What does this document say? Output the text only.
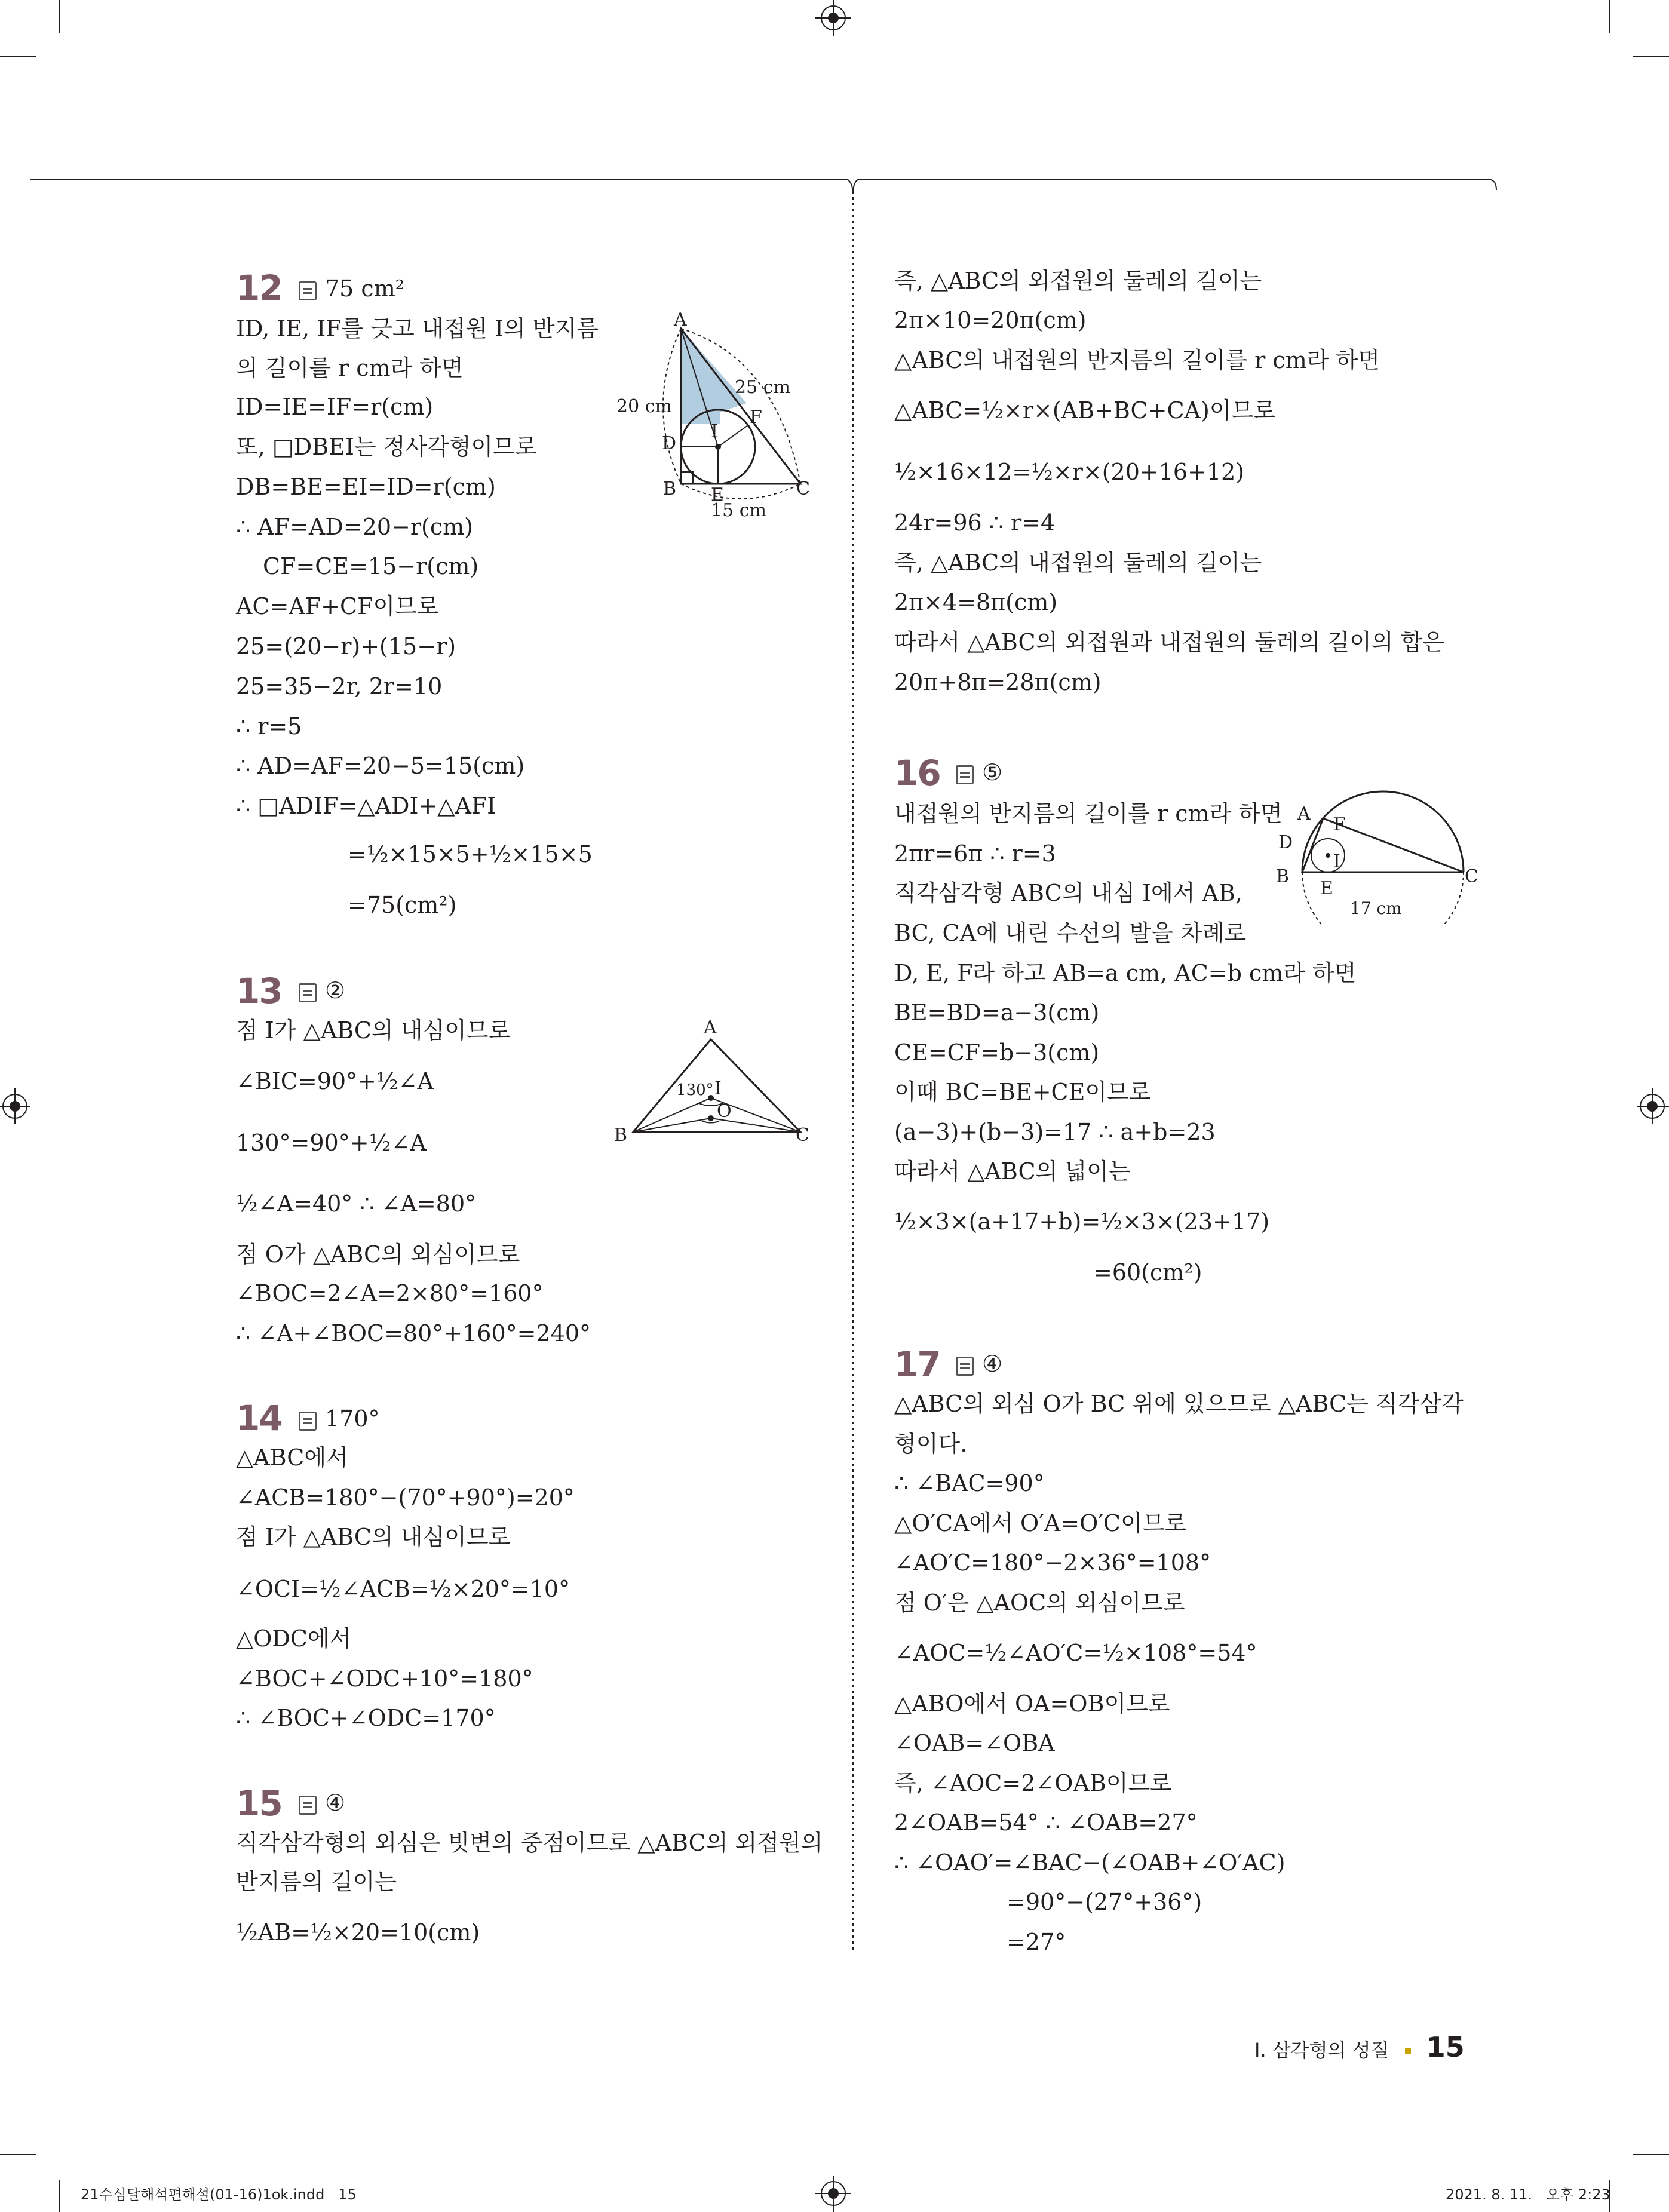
12	75 cm²
ID, IE, IF를 긋고 내접원 I의 반지름
의 길이를 r cm라 하면
ID=IE=IF=r(cm)
또, □DBEI는 정사각형이므로
DB=BE=EI=ID=r(cm)
∴ AF=AD=20−r(cm)
CF=CE=15−r(cm)
AC=AF+CF이므로
25=(20−r)+(15−r)
25=35−2r, 2r=10
∴ r=5
∴ AD=AF=20−5=15(cm)
∴ □ADIF=△ADI+△AFI
=½×15×5+½×15×5
=75(cm²)
A
B	C
D
E
F
I
20 cm
25 cm
15 cm
13	②
점 I가 △ABC의 내심이므로
∠BIC=90°+½∠A
130°=90°+½∠A
½∠A=40° ∴ ∠A=80°
점 O가 △ABC의 외심이므로
∠BOC=2∠A=2×80°=160°
∴ ∠A+∠BOC=80°+160°=240°
A
B	C
I
O
130°
14	170°
△ABC에서
∠ACB=180°−(70°+90°)=20°
점 I가 △ABC의 내심이므로
∠OCI=½∠ACB=½×20°=10°
△ODC에서
∠BOC+∠ODC+10°=180°
∴ ∠BOC+∠ODC=170°
15	④
직각삼각형의 외심은 빗변의 중점이므로 △ABC의 외접원의
반지름의 길이는
½AB=½×20=10(cm)
즉, △ABC의 외접원의 둘레의 길이는
2π×10=20π(cm)
△ABC의 내접원의 반지름의 길이를 r cm라 하면
△ABC=½×r×(AB+BC+CA)이므로
½×16×12=½×r×(20+16+12)
24r=96 ∴ r=4
즉, △ABC의 내접원의 둘레의 길이는
2π×4=8π(cm)
따라서 △ABC의 외접원과 내접원의 둘레의 길이의 합은
20π+8π=28π(cm)
16	⑤
내접원의 반지름의 길이를 r cm라 하면
2πr=6π ∴ r=3
직각삼각형 ABC의 내심 I에서 AB,
BC, CA에 내린 수선의 발을 차례로
D, E, F라 하고 AB=a cm, AC=b cm라 하면
BE=BD=a−3(cm)
CE=CF=b−3(cm)
이때 BC=BE+CE이므로
(a−3)+(b−3)=17 ∴ a+b=23
따라서 △ABC의 넓이는
½×3×(a+17+b)=½×3×(23+17)
=60(cm²)
A
B	C
D
E
F
I
17 cm
17	④
△ABC의 외심 O가 BC 위에 있으므로 △ABC는 직각삼각
형이다.
∴ ∠BAC=90°
△O′CA에서 O′A=O′C이므로
∠AO′C=180°−2×36°=108°
점 O′은 △AOC의 외심이므로
∠AOC=½∠AO′C=½×108°=54°
△ABO에서 OA=OB이므로
∠OAB=∠OBA
즉, ∠AOC=2∠OAB이므로
2∠OAB=54° ∴ ∠OAB=27°
∴ ∠OAO′=∠BAC−(∠OAB+∠O′AC)
=90°−(27°+36°)
=27°
Ⅰ. 삼각형의 성질 15
21수심달해석편해설(01-16)1ok.indd   15	2021. 8. 11.   오후 2:23
